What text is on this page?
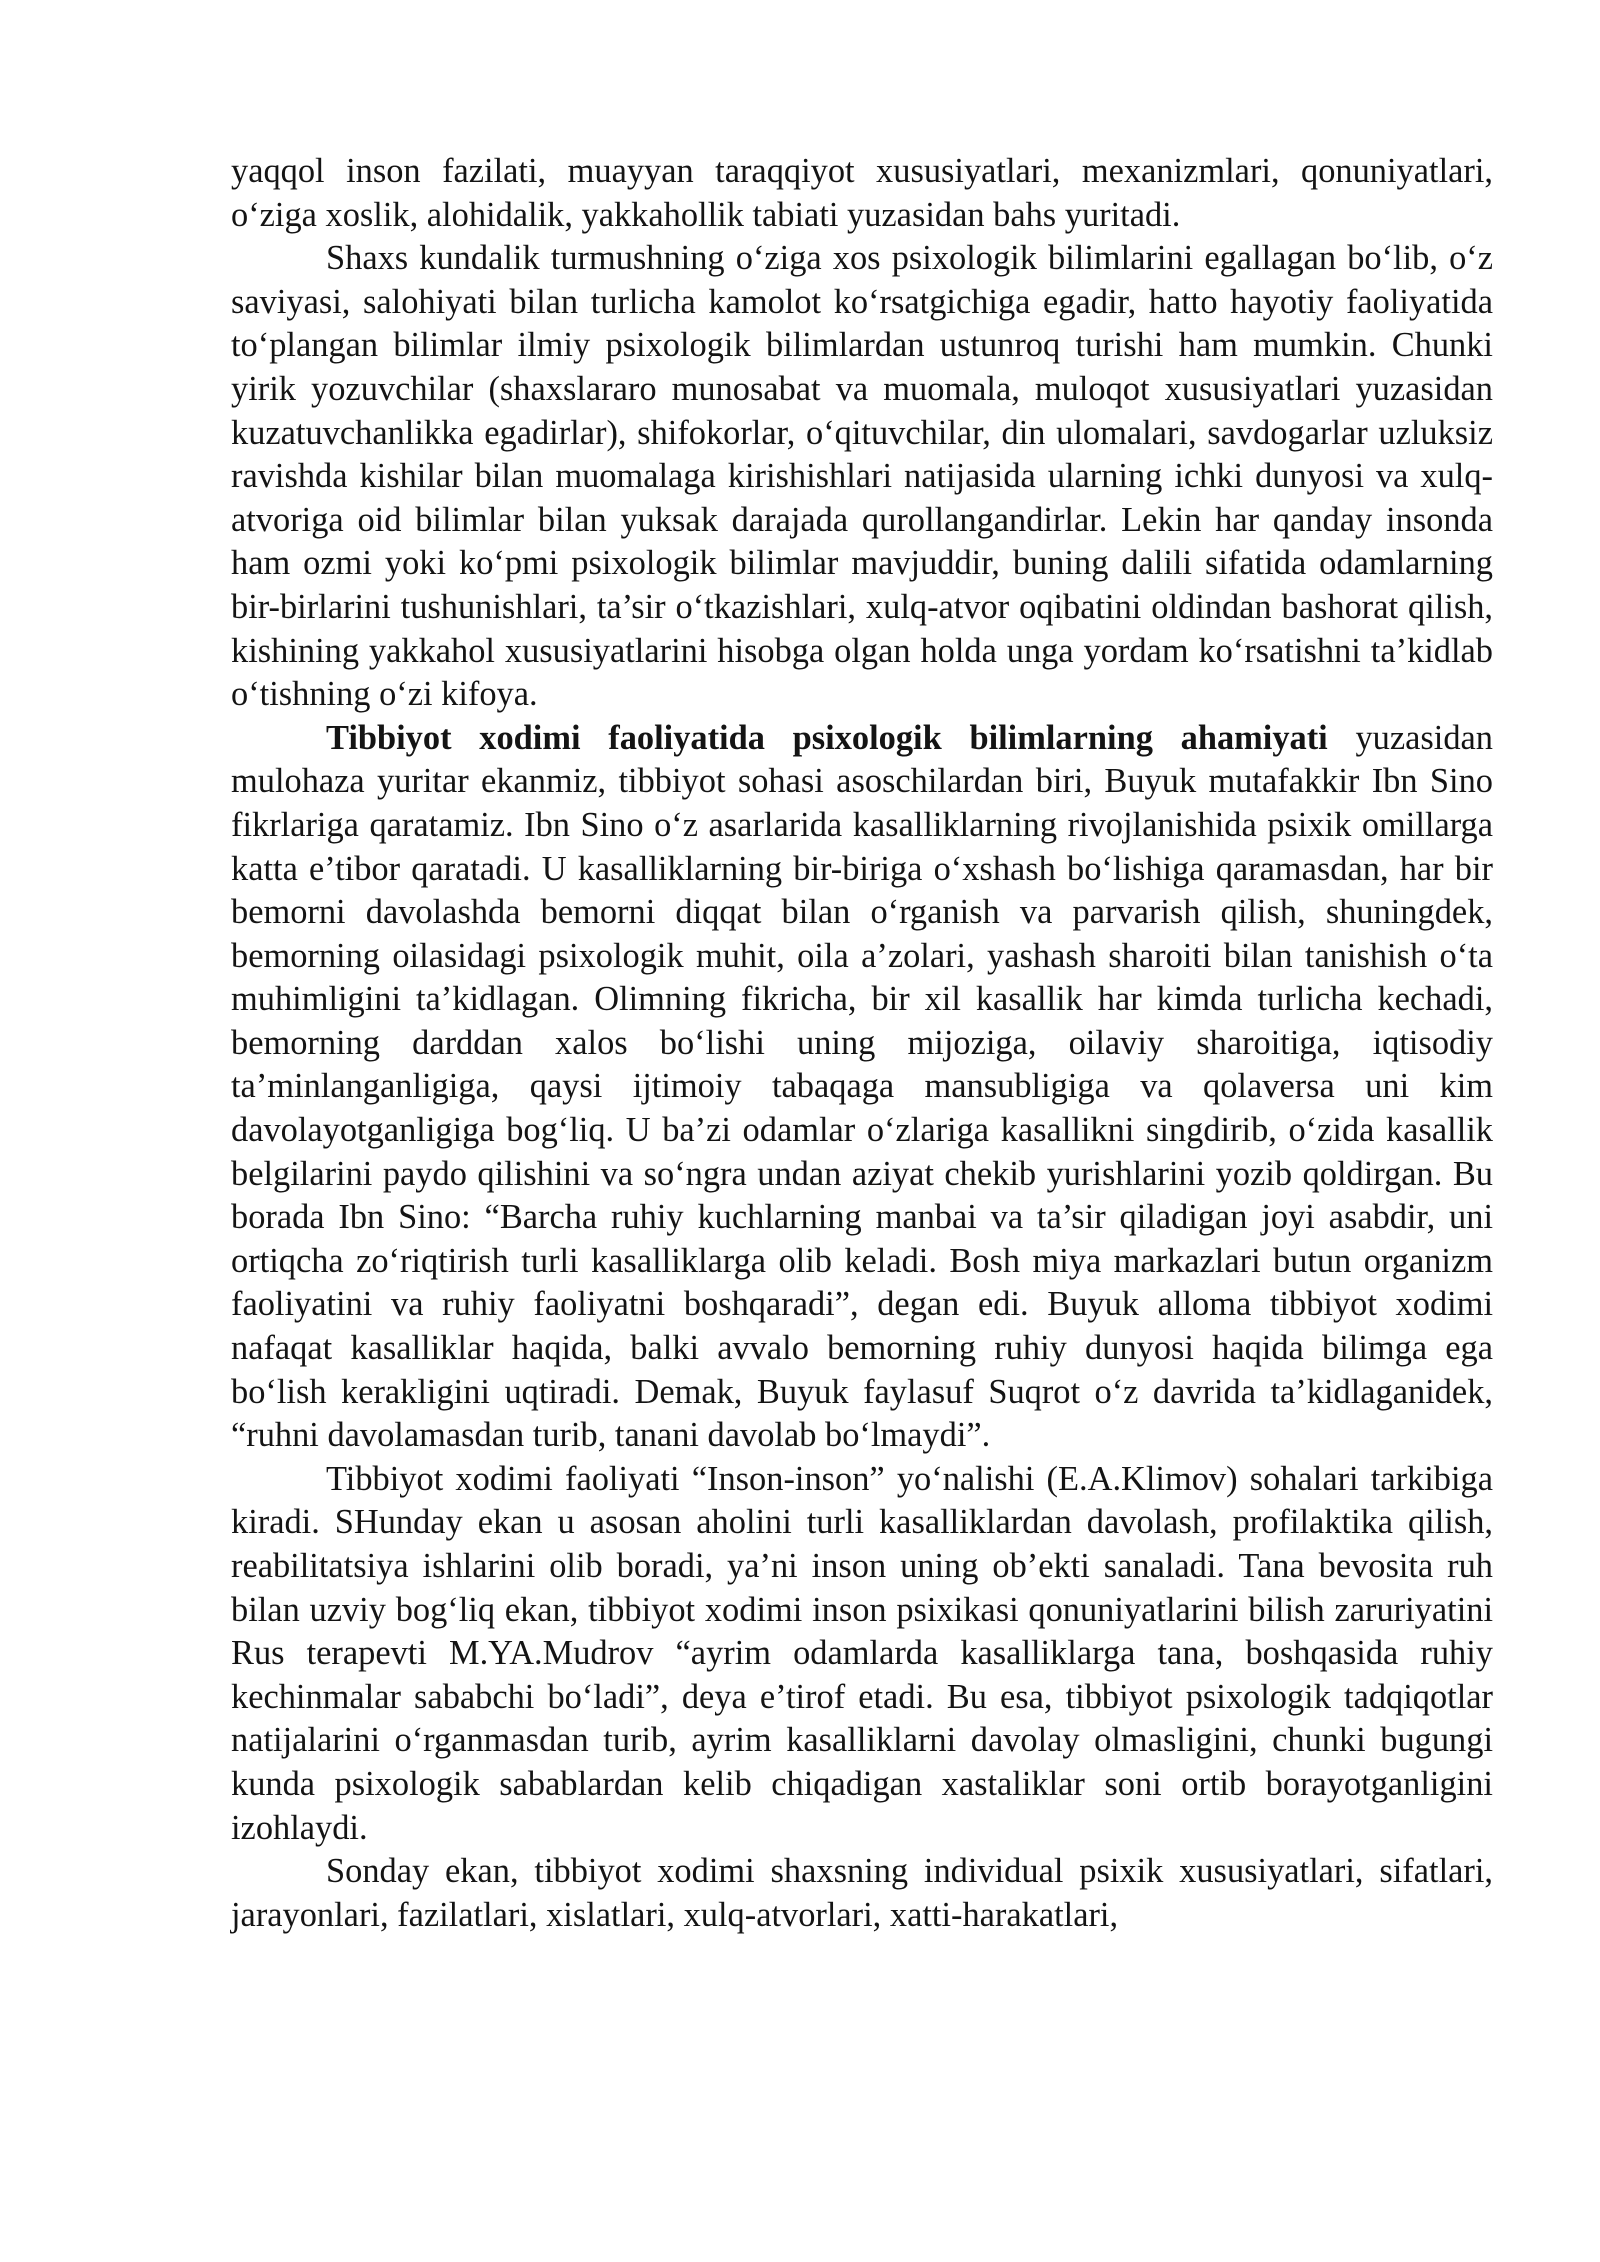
yaqqol inson fazilati, muayyan taraqqiyot xususiyatlari, mexanizmlari, qonuniyatlari, o‘ziga xoslik, alohidalik, yakkahollik tabiati yuzasidan bahs yuritadi.

Shaxs kundalik turmushning o‘ziga xos psixologik bilimlarini egallagan bo‘lib, o‘z saviyasi, salohiyati bilan turlicha kamolot ko‘rsatgichiga egadir, hatto hayotiy faoliyatida to‘plangan bilimlar ilmiy psixologik bilimlardan ustunroq turishi ham mumkin. Chunki yirik yozuvchilar (shaxslararo munosabat va muomala, muloqot xususiyatlari yuzasidan kuzatuvchanlikka egadirlar), shifokorlar, o‘qituvchilar, din ulomalari, savdogarlar uzluksiz ravishda kishilar bilan muomalaga kirishishlari natijasida ularning ichki dunyosi va xulq-atvoriga oid bilimlar bilan yuksak darajada qurollangandirlar. Lekin har qanday insonda ham ozmi yoki ko‘pmi psixologik bilimlar mavjuddir, buning dalili sifatida odamlarning bir-birlarini tushunishlari, ta’sir o‘tkazishlari, xulq-atvor oqibatini oldindan bashorat qilish, kishining yakkahol xususiyatlarini hisobga olgan holda unga yordam ko‘rsatishni ta’kidlab o‘tishning o‘zi kifoya.

Tibbiyot xodimi faoliyatida psixologik bilimlarning ahamiyati yuzasidan mulohaza yuritar ekanmiz, tibbiyot sohasi asoschilardan biri, Buyuk mutafakkir Ibn Sino fikrlariga qaratamiz. Ibn Sino o‘z asarlarida kasalliklarning rivojlanishida psixik omillarga katta e’tibor qaratadi. U kasalliklarning bir-biriga o‘xshash bo‘lishiga qaramasdan, har bir bemorni davolashda bemorni diqqat bilan o‘rganish va parvarish qilish, shuningdek, bemorning oilasidagi psixologik muhit, oila a’zolari, yashash sharoiti bilan tanishish o‘ta muhimligini ta’kidlagan. Olimning fikricha, bir xil kasallik har kimda turlicha kechadi, bemorning darddan xalos bo‘lishi uning mijoziga, oilaviy sharoitiga, iqtisodiy ta’minlanganligiga, qaysi ijtimoiy tabaqaga mansubligiga va qolaversa uni kim davolayotganligiga bog‘liq. U ba’zi odamlar o‘zlariga kasallikni singdirib, o‘zida kasallik belgilarini paydo qilishini va so‘ngra undan aziyat chekib yurishlarini yozib qoldirgan. Bu borada Ibn Sino: “Barcha ruhiy kuchlarning manbai va ta’sir qiladigan joyi asabdir, uni ortiqcha zo‘riqtirish turli kasalliklarga olib keladi. Bosh miya markazlari butun organizm faoliyatini va ruhiy faoliyatni boshqaradi”, degan edi. Buyuk alloma tibbiyot xodimi nafaqat kasalliklar haqida, balki avvalo bemorning ruhiy dunyosi haqida bilimga ega bo‘lish kerakligini uqtiradi. Demak, Buyuk faylasuf Suqrot o‘z davrida ta’kidlaganidek, “ruhni davolamasdan turib, tanani davolab bo‘lmaydi”.

Tibbiyot xodimi faoliyati “Inson-inson” yo‘nalishi (E.A.Klimov) sohalari tarkibiga kiradi. SHunday ekan u asosan aholini turli kasalliklardan davolash, profilaktika qilish, reabilitatsiya ishlarini olib boradi, ya’ni inson uning ob’ekti sanaladi. Tana bevosita ruh bilan uzviy bog‘liq ekan, tibbiyot xodimi inson psixikasi qonuniyatlarini bilish zaruriyatini Rus terapevti M.YA.Mudrov “ayrim odamlarda kasalliklarga tana, boshqasida ruhiy kechinmalar sababchi bo‘ladi”, deya e’tirof etadi. Bu esa, tibbiyot psixologik tadqiqotlar natijalarini o‘rganmasdan turib, ayrim kasalliklarni davolay olmasligini, chunki bugungi kunda psixologik sabablardan kelib chiqadigan xastaliklar soni ortib borayotganligini izohlaydi.

Sonday ekan, tibbiyot xodimi shaxsning individual psixik xususiyatlari, sifatlari, jarayonlari, fazilatlari, xislatlari, xulq-atvorlari, xatti-harakatlari,
